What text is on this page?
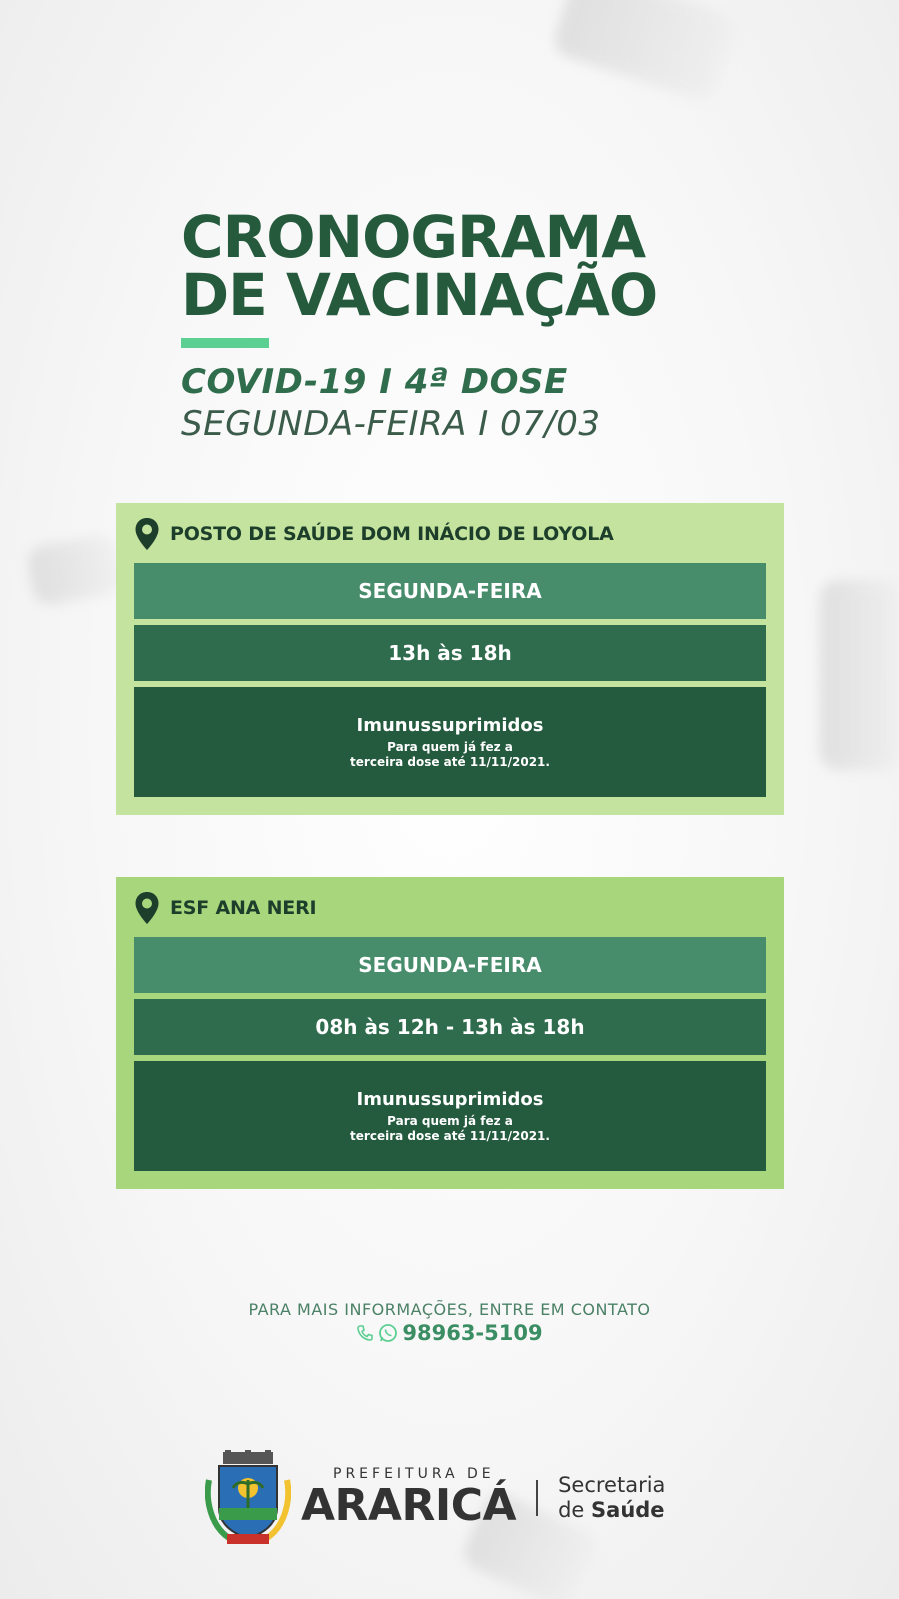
CRONOGRAMA
DE VACINAÇÃO
COVID-19 I 4ª DOSE
SEGUNDA-FEIRA I 07/03
POSTO DE SAÚDE DOM INÁCIO DE LOYOLA
SEGUNDA-FEIRA
13h às 18h
Imunussuprimidos
Para quem já fez a
terceira dose até 11/11/2021.
ESF ANA NERI
SEGUNDA-FEIRA
08h às 12h - 13h às 18h
Imunussuprimidos
Para quem já fez a
terceira dose até 11/11/2021.
PARA MAIS INFORMAÇÕES, ENTRE EM CONTATO
98963-5109
PREFEITURA DE
ARARICÁ Secretaria
de Saúde
